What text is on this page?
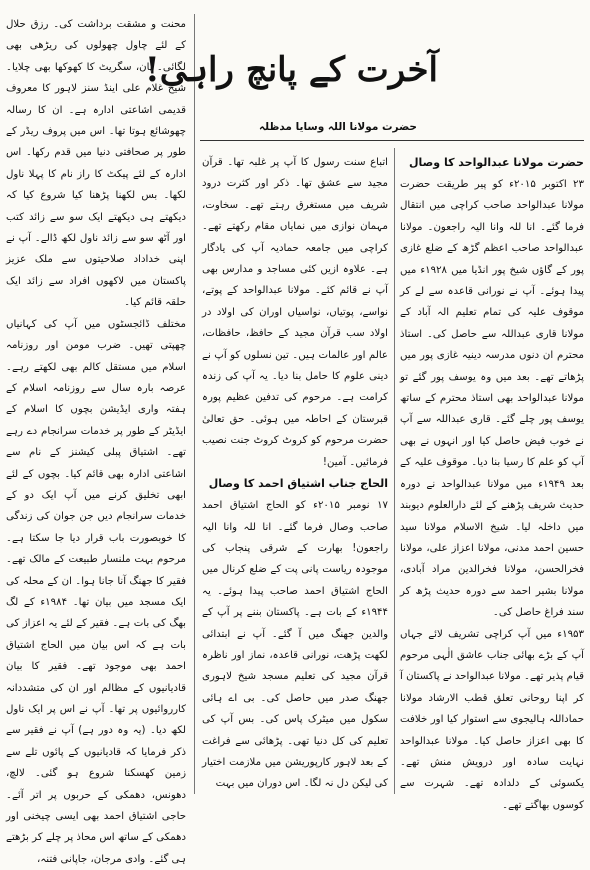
محنت و مشقت برداشت کی۔ رزق حلال کے لئے چاول چھولوں کی ریڑھی بھی لگائی۔ پان، سگریٹ کا کھوکھا بھی چلایا۔ شیخ غلام علی اینڈ سنز لاہور کا معروف قدیمی اشاعتی ادارہ ہے۔ ان کا رسالہ چھوشائع ہوتا تھا۔ اس میں پروف ریڈر کے طور پر صحافتی دنیا میں قدم رکھا۔ اس ادارہ کے لئے پیکٹ کا راز نام کا پہلا ناول لکھا۔ بس لکھنا پڑھنا کیا شروع کیا کہ دیکھتے ہی دیکھتے ایک سو سے زائد کتب اور آٹھ سو سے زائد ناول لکھ ڈالے۔ آپ نے اپنی خداداد صلاحیتوں سے ملک عزیز پاکستان میں لاکھوں افراد سے زائد ایک حلقہ قائم کیا۔

مختلف ڈائجسٹوں میں آپ کی کہانیاں چھپتی تھیں۔ ضرب مومن اور روزنامہ اسلام میں مستقل کالم بھی لکھتے رہے۔ عرصہ بارہ سال سے روزنامہ اسلام کے ہفتہ واری ایڈیشن بچوں کا اسلام کے ایڈیٹر کے طور پر خدمات سرانجام دے رہے تھے۔ اشتیاق پبلی کیشنز کے نام سے اشاعتی ادارہ بھی قائم کیا۔ بچوں کے لئے ابھی تخلیق کرنے میں آپ ایک دو کے خدمات سرانجام دیں جن جوان کی زندگی کا خوبصورت باب قرار دیا جا سکتا ہے۔ مرحوم بہت ملنسار طبیعت کے مالک تھے۔ فقیر کا جھنگ آنا جانا ہوا۔ ان کے محلہ کی ایک مسجد میں بیان تھا۔ ۱۹۸۴ء کے لگ بھگ کی بات ہے۔ فقیر کے لئے یہ اعزاز کی بات ہے کہ اس بیان میں الحاج اشتیاق احمد بھی موجود تھے۔ فقیر کا بیان قادیانیوں کے مظالم اور ان کی متشددانہ کارروائیوں پر تھا۔ آپ نے اس پر ایک ناول لکھ دیا۔ (یہ وہ دور ہے) آپ نے فقیر سے ذکر فرمایا کہ قادیانیوں کے پائوں تلے سے زمین کھسکنا شروع ہو گئی۔ لالچ، دھونس، دھمکی کے حربوں پر اتر آئے۔ حاجی اشتیاق احمد بھی ایسی چیخنی اور دھمکی کے ساتھ اس محاذ پر چلے کر بڑھتے ہی گئے۔ وادی مرجان، جاپانی فتنہ،

آخرت کے پانچ راہی!
حضرت مولانا اللہ وسایا مدظلہ

حضرت مولانا عبدالواحد کا وصال

۲۳ اکتوبر ۲۰۱۵ء کو پیر طریقت حضرت مولانا عبدالواحد صاحب کراچی میں انتقال فرما گئے۔ انا للہ وانا الیہ راجعون۔ مولانا عبدالواحد صاحب اعظم گڑھ کے ضلع غازی پور کے گاؤں شیخ پور انڈیا میں ۱۹۲۸ء میں پیدا ہوئے۔ آپ نے نورانی قاعدہ سے لے کر موقوف علیہ کی تمام تعلیم الہ آباد کے مولانا قاری عبداللہ سے حاصل کی۔ استاذ محترم ان دنوں مدرسہ دینیہ غازی پور میں پڑھاتے تھے۔ بعد میں وہ یوسف پور گئے تو مولانا عبدالواحد بھی استاذ محترم کے ساتھ یوسف پور چلے گئے۔ قاری عبداللہ سے آپ نے خوب فیض حاصل کیا اور انہوں نے بھی آپ کو علم کا رسیا بنا دیا۔ موقوف علیہ کے بعد ۱۹۴۹ء میں مولانا عبدالواحد نے دورہ حدیث شریف پڑھنے کے لئے دارالعلوم دیوبند میں داخلہ لیا۔ شیخ الاسلام مولانا سید حسین احمد مدنی، مولانا اعزاز علی، مولانا فخرالحسن، مولانا فخرالدین مراد آبادی، مولانا بشیر احمد سے دورہ حدیث پڑھ کر سند فراغ حاصل کی۔

۱۹۵۳ء میں آپ کراچی تشریف لائے جہاں آپ کے بڑے بھائی جناب عاشق الٰہی مرحوم قیام پذیر تھے۔ مولانا عبدالواحد نے پاکستان آ کر اپنا روحانی تعلق قطب الارشاد مولانا حماداللہ ہالیجوی سے استوار کیا اور خلافت کا بھی اعزاز حاصل کیا۔ مولانا عبدالواحد نہایت سادہ اور درویش منش تھے۔ یکسوئی کے دلدادہ تھے۔ شہرت سے کوسوں بھاگتے تھے۔

اتباع سنت رسول کا آپ پر غلبہ تھا۔ قرآن مجید سے عشق تھا۔ ذکر اور کثرت درود شریف میں مستغرق رہتے تھے۔ سخاوت، مہمان نوازی میں نمایاں مقام رکھتے تھے۔ کراچی میں جامعہ حمادیہ آپ کی یادگار ہے۔ علاوہ ازیں کئی مساجد و مدارس بھی آپ نے قائم کئے۔ مولانا عبدالواحد کے پوتے، نواسے، پوتیاں، نواسیاں اوران کی اولاد در اولاد سب قرآن مجید کے حافظ، حافظات، عالم اور عالمات ہیں۔ تین نسلوں کو آپ نے دینی علوم کا حامل بنا دیا۔ یہ آپ کی زندہ کرامت ہے۔ مرحوم کی تدفین عظیم پورہ قبرستان کے احاطہ میں ہوئی۔ حق تعالیٰ حضرت مرحوم کو کروٹ کروٹ جنت نصیب فرمائیں۔ آمین!

الحاج جناب اشتیاق احمد کا وصال

۱۷ نومبر ۲۰۱۵ء کو الحاج اشتیاق احمد صاحب وصال فرما گئے۔ انا للہ وانا الیہ راجعون! بھارت کے شرقی پنجاب کی موجودہ ریاست پانی پت کے ضلع کرنال میں الحاج اشتیاق احمد صاحب پیدا ہوئے۔ یہ ۱۹۴۴ء کے بات ہے۔ پاکستان بننے پر آپ کے والدین جھنگ میں آ گئے۔ آپ نے ابتدائی لکھت پڑھت، نورانی قاعدہ، نماز اور ناظرہ قرآن مجید کی تعلیم مسجد شیخ لاہوری جھنگ صدر میں حاصل کی۔ بی اے ہائی سکول میں میٹرک پاس کی۔ بس آپ کی تعلیم کی کل دنیا تھی۔ پڑھائی سے فراغت کے بعد لاہور کارپوریشن میں ملازمت اختیار کی لیکن دل نہ لگا۔ اس دوران میں بہت
